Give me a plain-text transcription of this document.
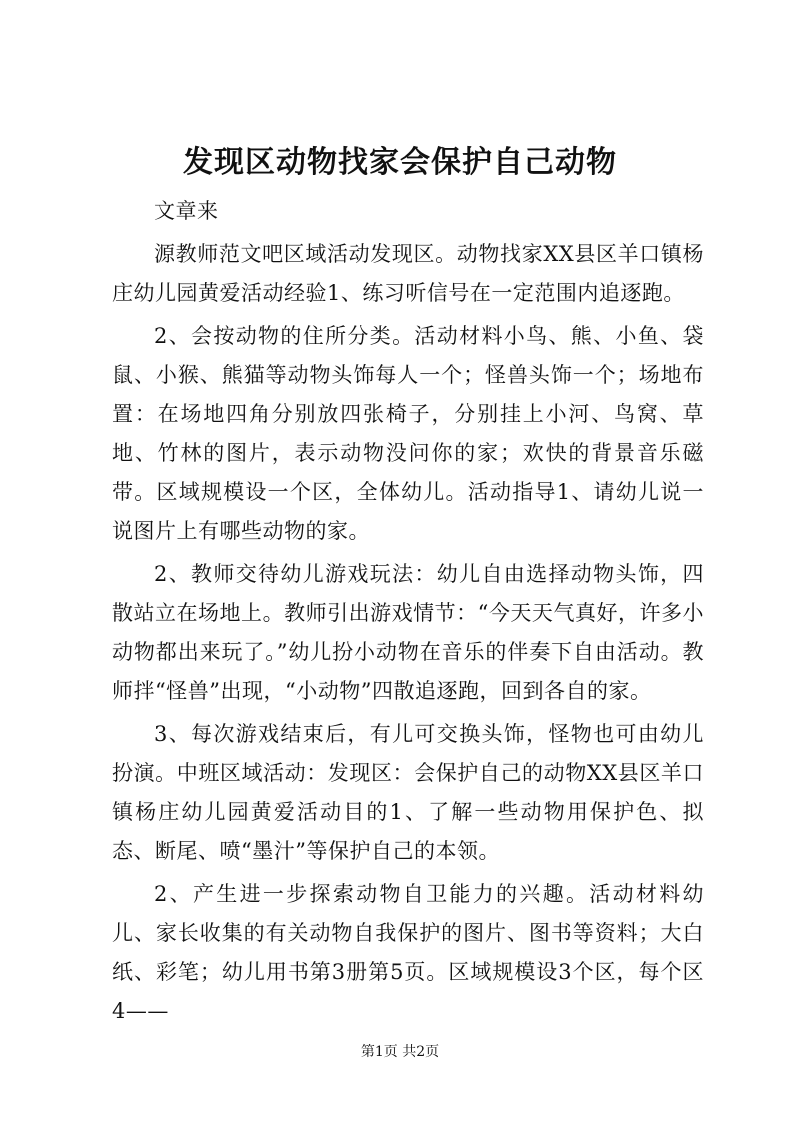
发现区动物找家会保护自己动物

文章来

源教师范文吧区域活动发现区。动物找家XX县区羊口镇杨庄幼儿园黄爱活动经验1、练习听信号在一定范围内追逐跑。

2、会按动物的住所分类。活动材料小鸟、熊、小鱼、袋鼠、小猴、熊猫等动物头饰每人一个；怪兽头饰一个；场地布置：在场地四角分别放四张椅子，分别挂上小河、鸟窝、草地、竹林的图片，表示动物没问你的家；欢快的背景音乐磁带。区域规模设一个区，全体幼儿。活动指导1、请幼儿说一说图片上有哪些动物的家。

2、教师交待幼儿游戏玩法：幼儿自由选择动物头饰，四散站立在场地上。教师引出游戏情节：“今天天气真好，许多小动物都出来玩了。”幼儿扮小动物在音乐的伴奏下自由活动。教师拌“怪兽”出现，“小动物”四散追逐跑，回到各自的家。

3、每次游戏结束后，有儿可交换头饰，怪物也可由幼儿扮演。中班区域活动：发现区：会保护自己的动物XX县区羊口镇杨庄幼儿园黄爱活动目的1、了解一些动物用保护色、拟态、断尾、喷“墨汁”等保护自己的本领。

2、产生进一步探索动物自卫能力的兴趣。活动材料幼儿、家长收集的有关动物自我保护的图片、图书等资料；大白纸、彩笔；幼儿用书第3册第5页。区域规模设3个区，每个区4——

第1页 共2页
